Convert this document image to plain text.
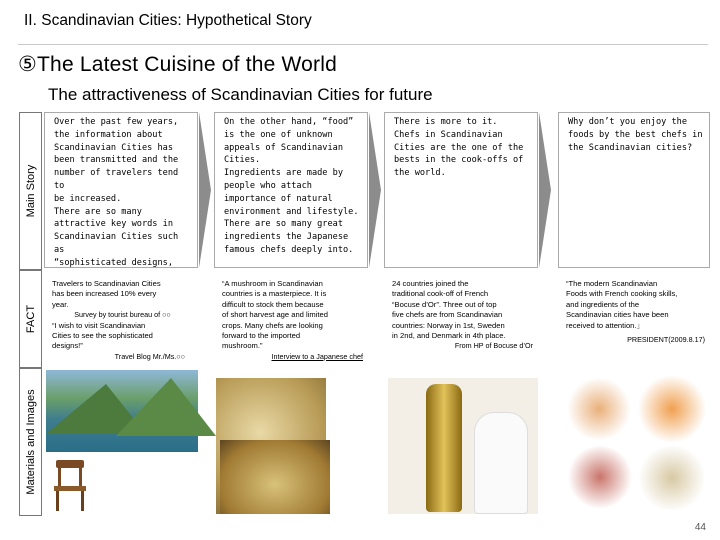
II. Scandinavian Cities: Hypothetical Story
⑤The Latest Cuisine of the World
The attractiveness of Scandinavian Cities for future
Main Story
FACT
Materials and Images
Over the past few years,
the information about
Scandinavian Cities has
been transmitted and the
number of travelers tend to
be increased.
There are so many
attractive key words in
Scandinavian Cities such as
“sophisticated designs,

On the other hand, “food”
is the one of unknown
appeals of Scandinavian
Cities.
Ingredients are made by
people who attach
importance of natural
environment and lifestyle.
There are so many great
ingredients the Japanese
famous chefs deeply into.
There is more to it.
Chefs in Scandinavian
Cities are the one of the
bests in the cook-offs of
the world.
Why don’t you enjoy the
foods by the best chefs in
the Scandinavian cities?

Travelers to Scandinavian Cities
has been increased 10% every
year.

Survey by tourist bureau of ○○

“I wish to visit Scandinavian
Cities to see the sophisticated
designs!”

Travel Blog Mr./Ms.○○

“A mushroom in Scandinavian
countries is a masterpiece. It is
difficult to stock them because
of short harvest age and limited
crops. Many chefs are looking
forward to the imported
mushroom.”

Interview to a Japanese chef

24 countries joined the
traditional cook-off of French
“Bocuse d’Or”. Three out of top
five chefs are from Scandinavian
countries: Norway in 1st, Sweden
in 2nd, and Denmark in 4th place.

From HP of Bocuse d’Or

“The modern Scandinavian
Foods with French cooking skills,
and ingredients of the
Scandinavian cities have been
received to attention.」

PRESIDENT(2009.8.17)

44
